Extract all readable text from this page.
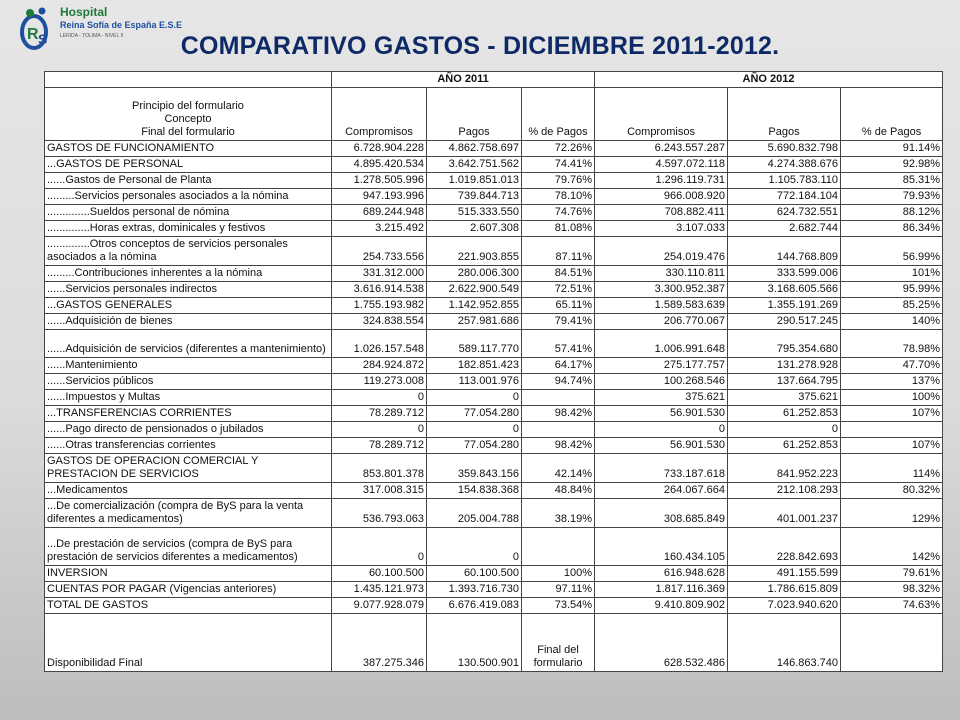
R S
Hospital
Reina Sofía de España E.S.E
LERIDA - TOLIMA - NIVEL II	COMPARATIVO GASTOS - DICIEMBRE 2011-2012.
	AÑO 2011			AÑO 2012		

Principio del formulario
Concepto
Final del formulario	Compromisos	Pagos	% de Pagos	Compromisos	Pagos	% de Pagos
GASTOS DE FUNCIONAMIENTO	6.728.904.228	4.862.758.697	72.26%	6.243.557.287	5.690.832.798	91.14%
...GASTOS DE PERSONAL	4.895.420.534	3.642.751.562	74.41%	4.597.072.118	4.274.388.676	92.98%
......Gastos de Personal de Planta	1.278.505.996	1.019.851.013	79.76%	1.296.119.731	1.105.783.110	85.31%
.........Servicios personales asociados a la nómina	947.193.996	739.844.713	78.10%	966.008.920	772.184.104	79.93%
..............Sueldos personal de nómina	689.244.948	515.333.550	74.76%	708.882.411	624.732.551	88.12%
..............Horas extras, dominicales y festivos	3.215.492	2.607.308	81.08%	3.107.033	2.682.744	86.34%
..............Otros conceptos de servicios personales asociados a la nómina	254.733.556	221.903.855	87.11%	254.019.476	144.768.809	56.99%
.........Contribuciones inherentes a la nómina	331.312.000	280.006.300	84.51%	330.110.811	333.599.006	101%
......Servicios personales indirectos	3.616.914.538	2.622.900.549	72.51%	3.300.952.387	3.168.605.566	95.99%
...GASTOS GENERALES	1.755.193.982	1.142.952.855	65.11%	1.589.583.639	1.355.191.269	85.25%
......Adquisición de bienes	324.838.554	257.981.686	79.41%	206.770.067	290.517.245	140%
......Adquisición de servicios (diferentes a mantenimiento)	1.026.157.548	589.117.770	57.41%	1.006.991.648	795.354.680	78.98%
......Mantenimiento	284.924.872	182.851.423	64.17%	275.177.757	131.278.928	47.70%
......Servicios públicos	119.273.008	113.001.976	94.74%	100.268.546	137.664.795	137%
......Impuestos y Multas	0	0		375.621	375.621	100%
...TRANSFERENCIAS CORRIENTES	78.289.712	77.054.280	98.42%	56.901.530	61.252.853	107%
......Pago directo de pensionados o jubilados	0	0		0	0	
......Otras transferencias corrientes	78.289.712	77.054.280	98.42%	56.901.530	61.252.853	107%
GASTOS DE OPERACION COMERCIAL Y PRESTACION DE SERVICIOS	853.801.378	359.843.156	42.14%	733.187.618	841.952.223	114%
...Medicamentos	317.008.315	154.838.368	48.84%	264.067.664	212.108.293	80.32%
...De comercialización (compra de ByS para la venta diferentes a medicamentos)	536.793.063	205.004.788	38.19%	308.685.849	401.001.237	129%
...De prestación de servicios (compra de ByS para prestación de servicios diferentes a medicamentos)	0	0		160.434.105	228.842.693	142%
INVERSION	60.100.500	60.100.500	100%	616.948.628	491.155.599	79.61%
CUENTAS POR PAGAR (Vigencias anteriores)	1.435.121.973	1.393.716.730	97.11%	1.817.116.369	1.786.615.809	98.32%
TOTAL DE GASTOS	9.077.928.079	6.676.419.083	73.54%	9.410.809.902	7.023.940.620	74.63%
Disponibilidad Final	387.275.346	130.500.901	Final del formulario	628.532.486	146.863.740	
